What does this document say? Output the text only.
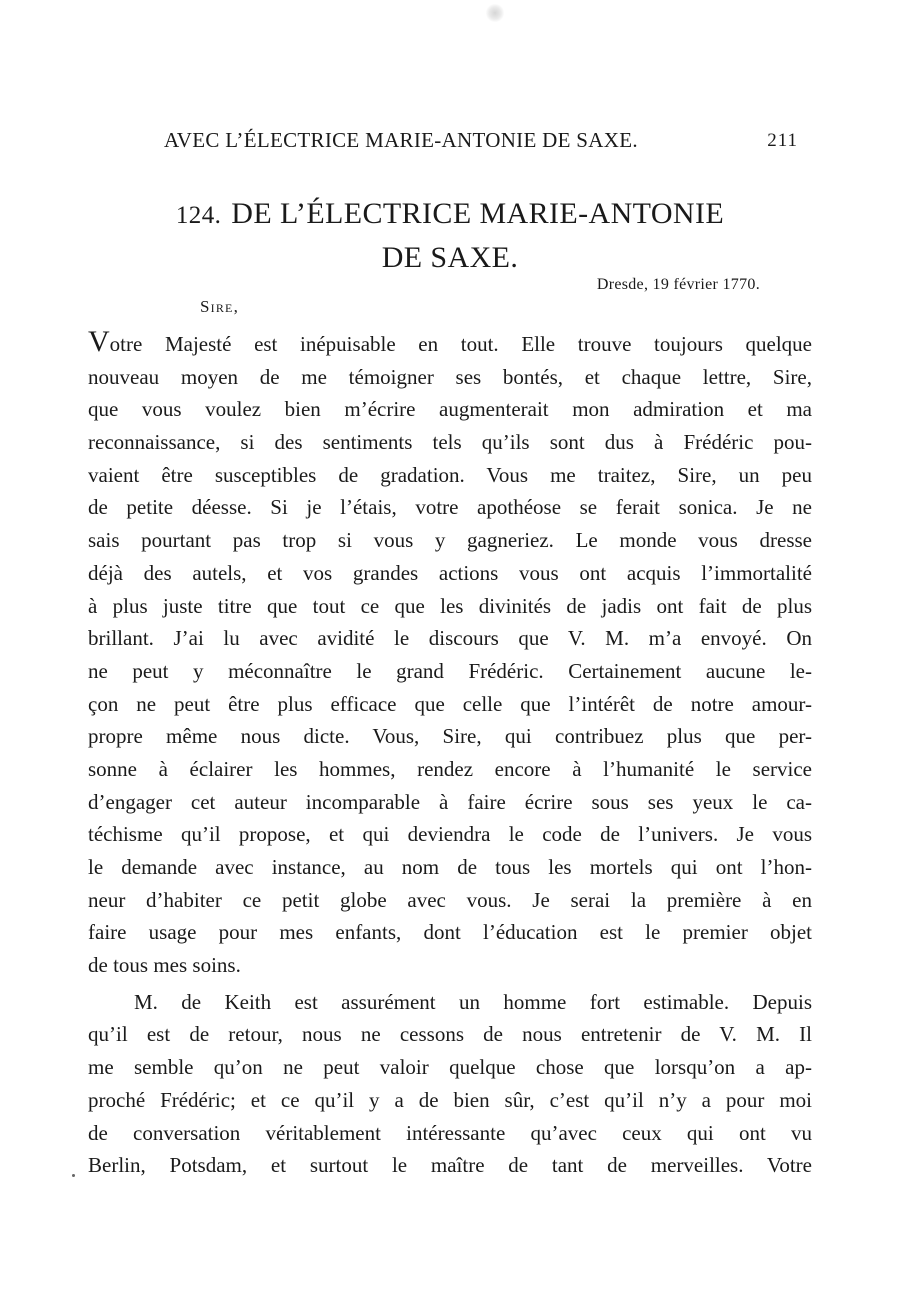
AVEC L’ÉLECTRICE MARIE-ANTONIE DE SAXE.	211
124. DE L’ÉLECTRICE MARIE-ANTONIE
DE SAXE.
Dresde, 19 février 1770.
Sire,
Votre Majesté est inépuisable en tout. Elle trouve toujours quelque
nouveau moyen de me témoigner ses bontés, et chaque lettre, Sire,
que vous voulez bien m’écrire augmenterait mon admiration et ma
reconnaissance, si des sentiments tels qu’ils sont dus à Frédéric pou-
vaient être susceptibles de gradation. Vous me traitez, Sire, un peu
de petite déesse. Si je l’étais, votre apothéose se ferait sonica. Je ne
sais pourtant pas trop si vous y gagneriez. Le monde vous dresse
déjà des autels, et vos grandes actions vous ont acquis l’immortalité
à plus juste titre que tout ce que les divinités de jadis ont fait de plus
brillant. J’ai lu avec avidité le discours que V. M. m’a envoyé. On
ne peut y méconnaître le grand Frédéric. Certainement aucune le-
çon ne peut être plus efficace que celle que l’intérêt de notre amour-
propre même nous dicte. Vous, Sire, qui contribuez plus que per-
sonne à éclairer les hommes, rendez encore à l’humanité le service
d’engager cet auteur incomparable à faire écrire sous ses yeux le ca-
téchisme qu’il propose, et qui deviendra le code de l’univers. Je vous
le demande avec instance, au nom de tous les mortels qui ont l’hon-
neur d’habiter ce petit globe avec vous. Je serai la première à en
faire usage pour mes enfants, dont l’éducation est le premier objet
de tous mes soins.
M. de Keith est assurément un homme fort estimable. Depuis
qu’il est de retour, nous ne cessons de nous entretenir de V. M. Il
me semble qu’on ne peut valoir quelque chose que lorsqu’on a ap-
proché Frédéric; et ce qu’il y a de bien sûr, c’est qu’il n’y a pour moi
de conversation véritablement intéressante qu’avec ceux qui ont vu
Berlin, Potsdam, et surtout le maître de tant de merveilles. Votre
